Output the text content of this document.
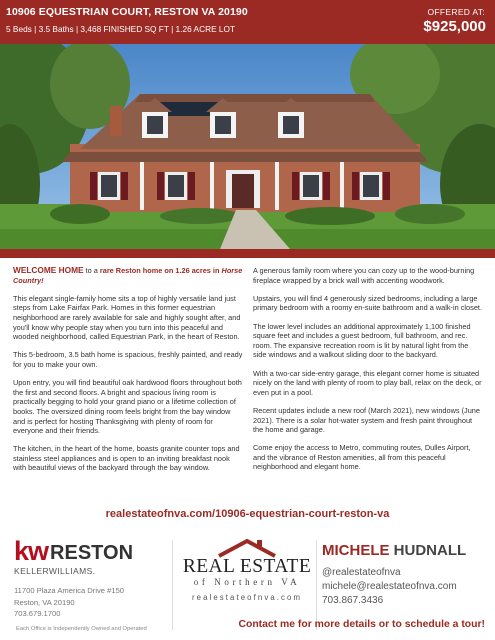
10906 EQUESTRIAN COURT, RESTON VA 20190
5 Beds | 3.5 Baths | 3,468 FINISHED SQ FT | 1.26 ACRE LOT
OFFERED AT:
$925,000

WELCOME HOME to a rare Reston home on 1.26 acres in Horse Country!

This elegant single-family home sits a top of highly versatile land just steps from Lake Fairfax Park. Homes in this former equestrian neighborhood are rarely available for sale and highly sought after, and you'll know why people stay when you turn into this peaceful and wooded neighborhood, called Equestrian Park, in the heart of Reston.

This 5-bedroom, 3.5 bath home is spacious, freshly painted, and ready for you to make your own.

Upon entry, you will find beautiful oak hardwood floors throughout both the first and second floors. A bright and spacious living room is practically begging to hold your grand piano or a lifetime collection of books. The oversized dining room feels bright from the bay window and is perfect for hosting Thanksgiving with plenty of room for everyone and their friends.

The kitchen, in the heart of the home, boasts granite counter tops and stainless steel appliances and is open to an inviting breakfast nook with beautiful views of the backyard through the bay window.

A generous family room where you can cozy up to the wood-burning fireplace wrapped by a brick wall with accenting woodwork.

Upstairs, you will find 4 generously sized bedrooms, including a large primary bedroom with a roomy en-suite bathroom and a walk-in closet.

The lower level includes an additional approximately 1,100 finished square feet and includes a guest bedroom, full bathroom, and rec. room. The expansive recreation room is lit by natural light from the side windows and a walkout sliding door to the backyard.

With a two-car side-entry garage, this elegant corner home is situated nicely on the land with plenty of room to play ball, relax on the deck, or even put in a pool.

Recent updates include a new roof (March 2021), new windows (June 2021). There is a solar hot-water system and fresh paint throughout the home and garage.

Come enjoy the access to Metro, commuting routes, Dulles Airport, and the vibrance of Reston amenities, all from this peaceful neighborhood and elegant home.

realestateofnva.com/10906-equestrian-court-reston-va
kw RESTON
KELLERWILLIAMS.
11700 Plaza America Drive #150
Reston, VA 20190
703.679.1700
Each Office is Independently Owned and Operated
REAL ESTATE
of Northern VA
realestateofnva.com
MICHELE HUDNALL
@realestateofnva
michele@realestateofnva.com
703.867.3436
Contact me for more details or to schedule a tour!
